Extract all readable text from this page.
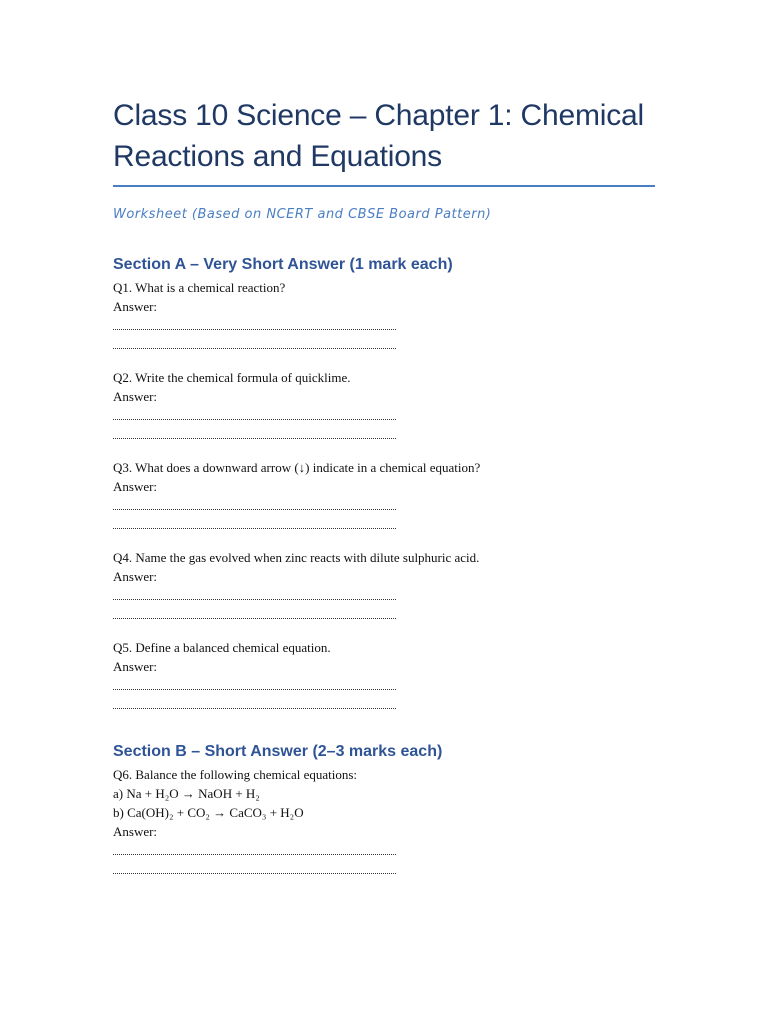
Class 10 Science – Chapter 1: Chemical Reactions and Equations
Worksheet (Based on NCERT and CBSE Board Pattern)
Section A – Very Short Answer (1 mark each)
Q1. What is a chemical reaction?
Answer:
Q2. Write the chemical formula of quicklime.
Answer:
Q3. What does a downward arrow (↓) indicate in a chemical equation?
Answer:
Q4. Name the gas evolved when zinc reacts with dilute sulphuric acid.
Answer:
Q5. Define a balanced chemical equation.
Answer:
Section B – Short Answer (2–3 marks each)
Q6. Balance the following chemical equations:
a) Na + H₂O → NaOH + H₂
b) Ca(OH)₂ + CO₂ → CaCO₃ + H₂O
Answer:
